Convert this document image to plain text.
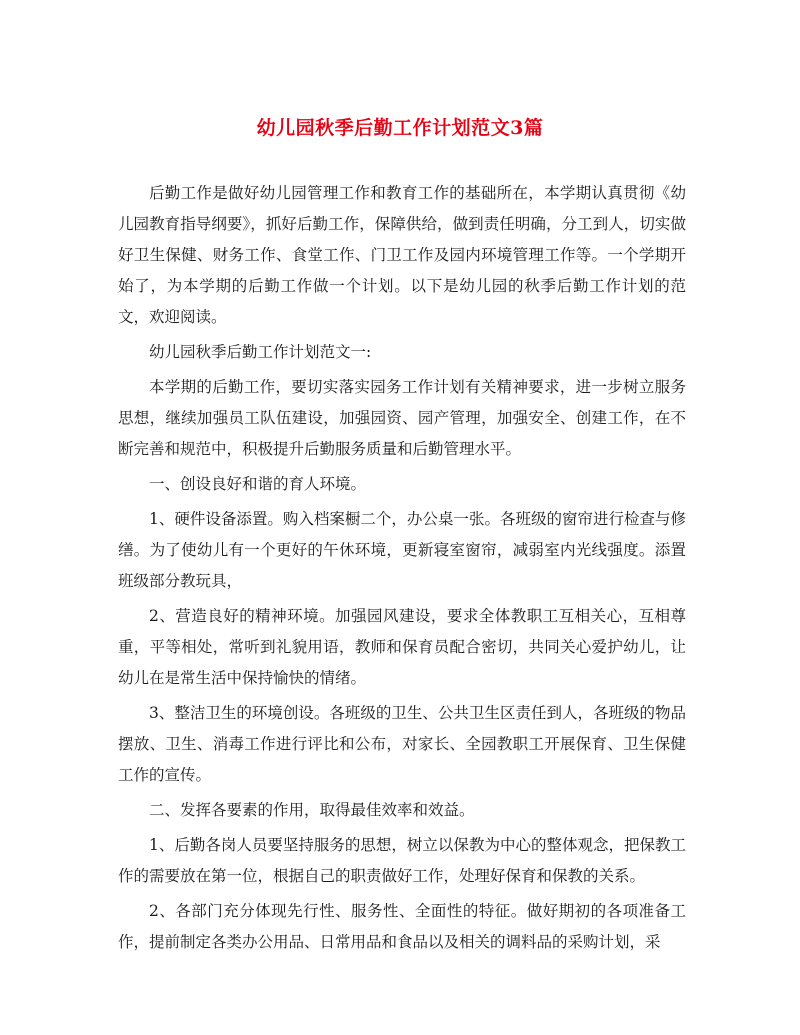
幼儿园秋季后勤工作计划范文3篇

后勤工作是做好幼儿园管理工作和教育工作的基础所在，本学期认真贯彻《幼儿园教育指导纲要》，抓好后勤工作，保障供给，做到责任明确，分工到人，切实做好卫生保健、财务工作、食堂工作、门卫工作及园内环境管理工作等。一个学期开始了，为本学期的后勤工作做一个计划。以下是幼儿园的秋季后勤工作计划的范文，欢迎阅读。

幼儿园秋季后勤工作计划范文一:

本学期的后勤工作，要切实落实园务工作计划有关精神要求，进一步树立服务思想，继续加强员工队伍建设，加强园资、园产管理，加强安全、创建工作，在不断完善和规范中，积极提升后勤服务质量和后勤管理水平。

一、创设良好和谐的育人环境。

1、硬件设备添置。购入档案橱二个，办公桌一张。各班级的窗帘进行检查与修缮。为了使幼儿有一个更好的午休环境，更新寝室窗帘，减弱室内光线强度。添置班级部分教玩具，

2、营造良好的精神环境。加强园风建设，要求全体教职工互相关心，互相尊重，平等相处，常听到礼貌用语，教师和保育员配合密切，共同关心爱护幼儿，让幼儿在是常生活中保持愉快的情绪。

3、整洁卫生的环境创设。各班级的卫生、公共卫生区责任到人，各班级的物品摆放、卫生、消毒工作进行评比和公布，对家长、全园教职工开展保育、卫生保健工作的宣传。

二、发挥各要素的作用，取得最佳效率和效益。

1、后勤各岗人员要坚持服务的思想，树立以保教为中心的整体观念，把保教工作的需要放在第一位，根据自己的职责做好工作，处理好保育和保教的关系。

2、各部门充分体现先行性、服务性、全面性的特征。做好期初的各项准备工作，提前制定各类办公用品、日常用品和食品以及相关的调料品的采购计划，采
